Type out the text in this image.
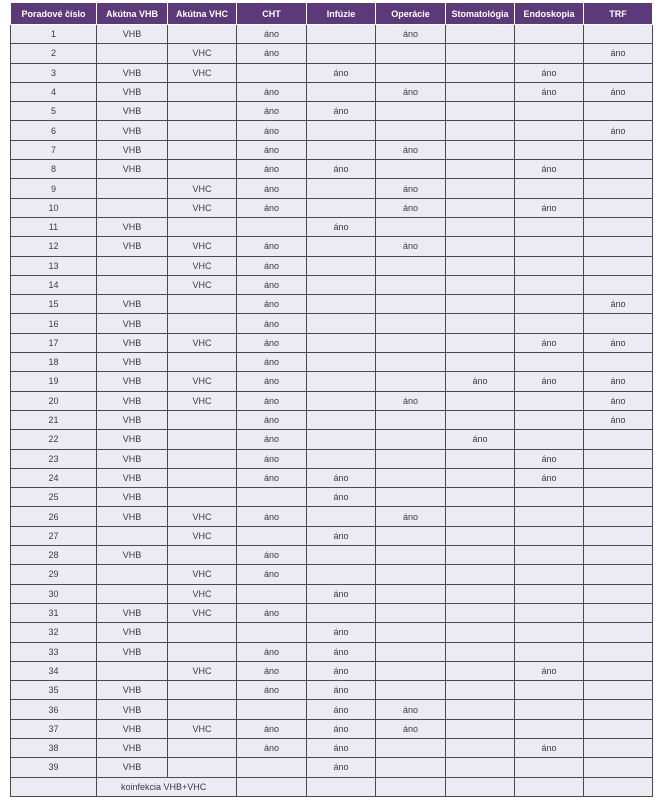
Poradové číslo	Akútna VHB	Akútna VHC	CHT	Infúzie	Operácie	Stomatológia	Endoskopia	TRF
1	VHB		áno		áno			
2		VHC	áno					áno
3	VHB	VHC		áno			áno	
4	VHB		áno		áno		áno	áno
5	VHB		áno	áno				
6	VHB		áno					áno
7	VHB		áno		áno			
8	VHB		áno	áno			áno	
9		VHC	áno		áno			
10		VHC	áno		áno		áno	
11	VHB			áno				
12	VHB	VHC	áno		áno			
13		VHC	áno					
14		VHC	áno					
15	VHB		áno					áno
16	VHB		áno					
17	VHB	VHC	áno				áno	áno
18	VHB		áno					
19	VHB	VHC	áno			áno	áno	áno
20	VHB	VHC	áno		áno			áno
21	VHB		áno					áno
22	VHB		áno			áno		
23	VHB		áno				áno	
24	VHB		áno	áno			áno	
25	VHB			áno				
26	VHB	VHC	áno		áno			
27		VHC		áno				
28	VHB		áno					
29		VHC	áno					
30		VHC		áno				
31	VHB	VHC	áno					
32	VHB			áno				
33	VHB		áno	áno				
34		VHC	áno	áno			áno	
35	VHB		áno	áno				
36	VHB			áno	áno			
37	VHB	VHC	áno	áno	áno			
38	VHB		áno	áno			áno	
39	VHB			áno				
	koinfekcia VHB+VHC							
